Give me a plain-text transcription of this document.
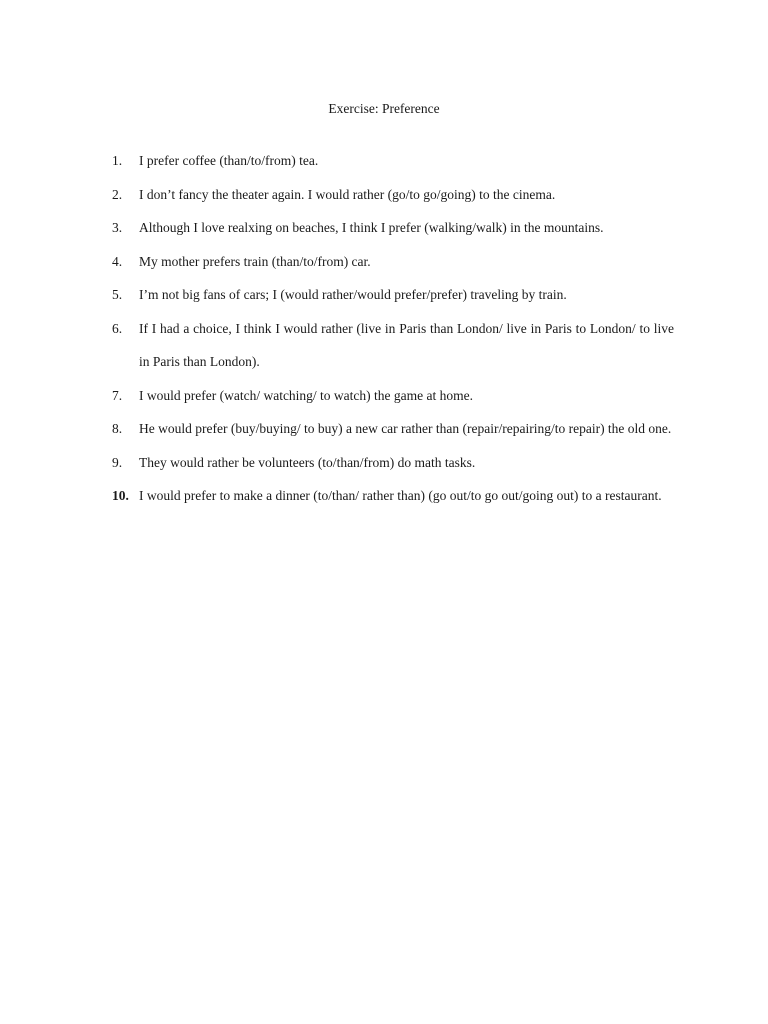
Exercise: Preference
1.	I prefer coffee (than/to/from) tea.
2.	I don’t fancy the theater again. I would rather (go/to go/going) to the cinema.
3.	Although I love realxing on beaches, I think I prefer (walking/walk) in the mountains.
4.	My mother prefers train (than/to/from) car.
5.	I’m not big fans of cars; I (would rather/would prefer/prefer) traveling by train.
6.	If I had a choice, I think I would rather (live in Paris than London/ live in Paris to London/ to live in Paris than London).
7.	I would prefer (watch/ watching/ to watch) the game at home.
8.	He would prefer (buy/buying/ to buy) a new car rather than (repair/repairing/to repair) the old one.
9.	They would rather be volunteers (to/than/from) do math tasks.
10. I would prefer to make a dinner (to/than/ rather than) (go out/to go out/going out) to a restaurant.
